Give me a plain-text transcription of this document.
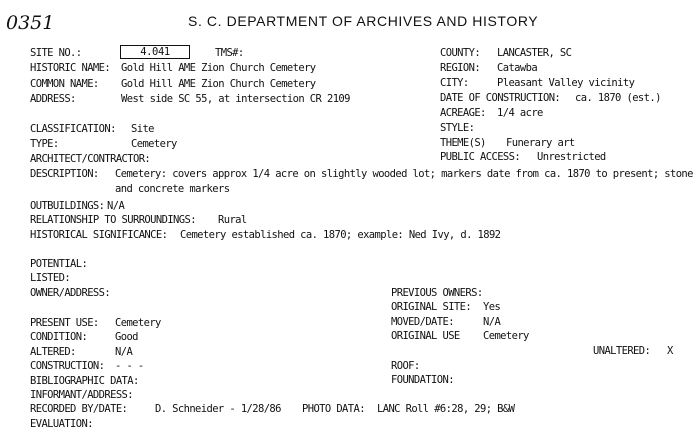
0351	S. C. DEPARTMENT OF ARCHIVES AND HISTORY
SITE NO.:	4.041	TMS#:
HISTORIC NAME: Gold Hill AME Zion Church Cemetery
COMMON NAME: Gold Hill AME Zion Church Cemetery
ADDRESS:	West side SC 55, at intersection CR 2109
CLASSIFICATION: Site
TYPE:	Cemetery
ARCHITECT/CONTRACTOR:
DESCRIPTION: Cemetery: covers approx 1/4 acre on slightly wooded lot; markers date from ca. 1870 to present; stone
and concrete markers
OUTBUILDINGS: N/A
RELATIONSHIP TO SURROUNDINGS: Rural
HISTORICAL SIGNIFICANCE: Cemetery established ca. 1870; example: Ned Ivy, d. 1892
POTENTIAL:
LISTED:
OWNER/ADDRESS:
PRESENT USE: Cemetery
CONDITION:	Good
ALTERED:	N/A
CONSTRUCTION: - - -
BIBLIOGRAPHIC DATA:
INFORMANT/ADDRESS:
RECORDED BY/DATE:	D. Schneider - 1/28/86 PHOTO DATA: LANC Roll #6:28, 29; B&W
EVALUATION:
COUNTY: LANCASTER, SC
REGION: Catawba
CITY:	Pleasant Valley vicinity
DATE OF CONSTRUCTION: ca. 1870 (est.)
ACREAGE: 1/4 acre
STYLE:
THEME(S) Funerary art
PUBLIC ACCESS: Unrestricted
PREVIOUS OWNERS:
ORIGINAL SITE: Yes
MOVED/DATE:	N/A
ORIGINAL USE Cemetery
UNALTERED: X
ROOF:
FOUNDATION:
